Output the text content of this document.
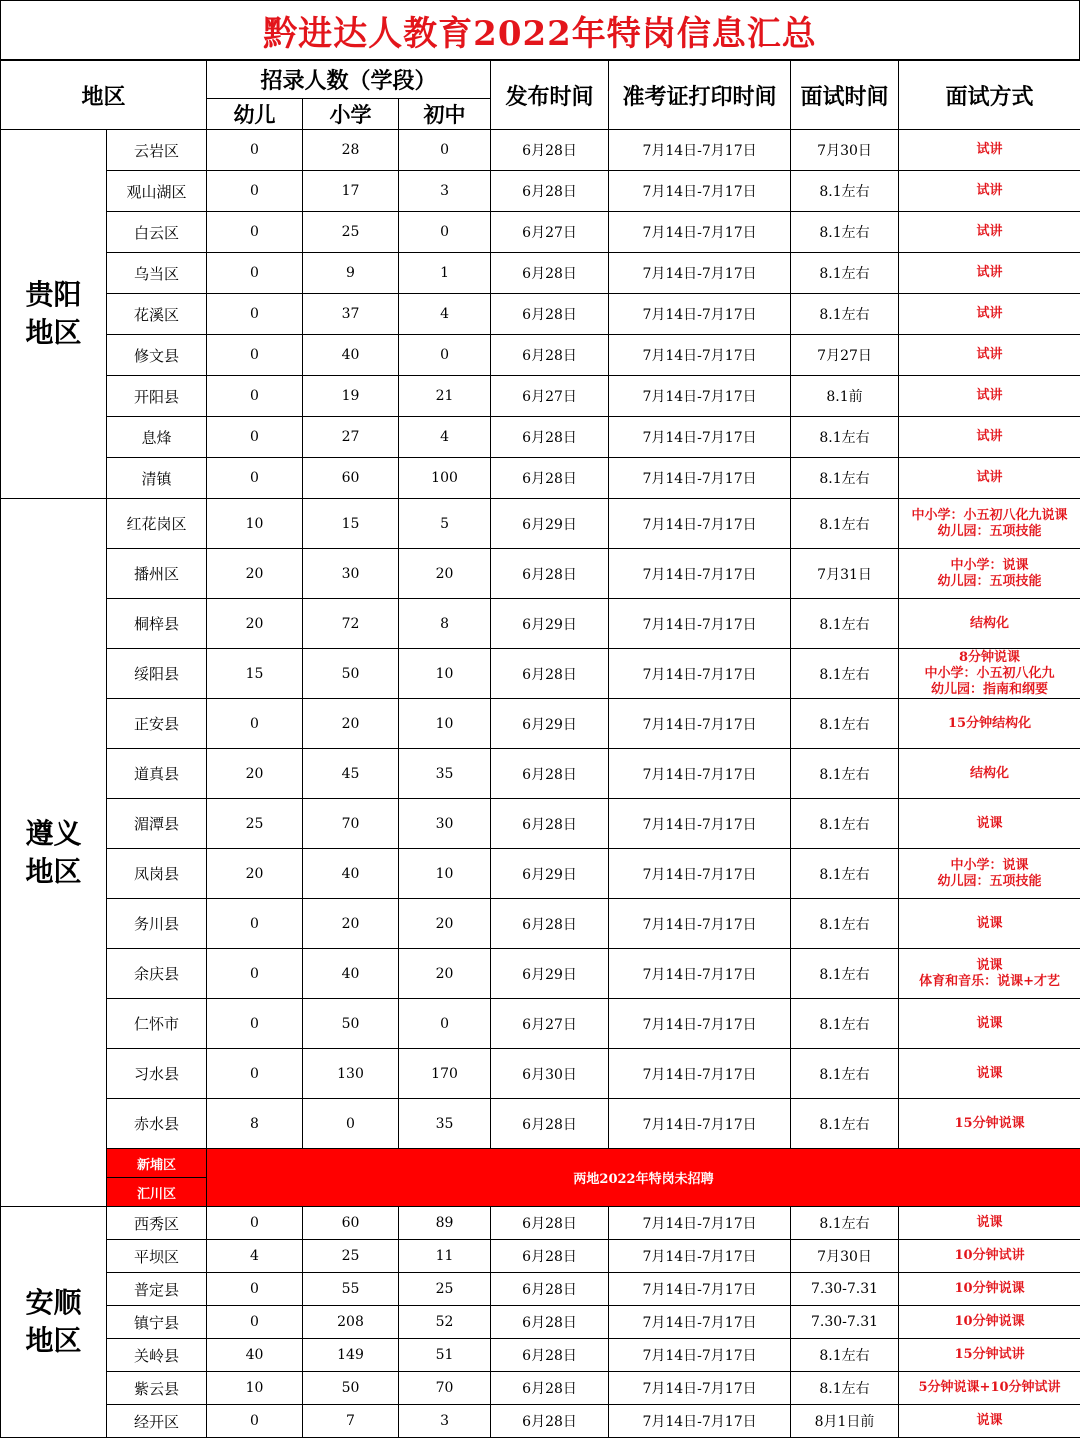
黔进达人教育2022年特岗信息汇总
地区		招录人数（学段）			发布时间	准考证打印时间	面试时间	面试方式
		幼儿	小学	初中				

贵阳
地区	云岩区	0	28	0	6月28日	7月14日-7月17日	7月30日	试讲

	观山湖区	0	17	3	6月28日	7月14日-7月17日	8.1左右	试讲

	白云区	0	25	0	6月27日	7月14日-7月17日	8.1左右	试讲

	乌当区	0	9	1	6月28日	7月14日-7月17日	8.1左右	试讲

	花溪区	0	37	4	6月28日	7月14日-7月17日	8.1左右	试讲

	修文县	0	40	0	6月28日	7月14日-7月17日	7月27日	试讲

	开阳县	0	19	21	6月27日	7月14日-7月17日	8.1前	试讲

	息烽	0	27	4	6月28日	7月14日-7月17日	8.1左右	试讲

	清镇	0	60	100	6月28日	7月14日-7月17日	8.1左右	试讲

遵义
地区	红花岗区	10	15	5	6月29日	7月14日-7月17日	8.1左右	中小学：小五初八化九说课
幼儿园：五项技能

	播州区	20	30	20	6月28日	7月14日-7月17日	7月31日	中小学：说课
幼儿园：五项技能

	桐梓县	20	72	8	6月29日	7月14日-7月17日	8.1左右	结构化

	绥阳县	15	50	10	6月28日	7月14日-7月17日	8.1左右	8分钟说课
中小学：小五初八化九
幼儿园：指南和纲要

	正安县	0	20	10	6月29日	7月14日-7月17日	8.1左右	15分钟结构化

	道真县	20	45	35	6月28日	7月14日-7月17日	8.1左右	结构化

	湄潭县	25	70	30	6月28日	7月14日-7月17日	8.1左右	说课

	凤岗县	20	40	10	6月29日	7月14日-7月17日	8.1左右	中小学：说课
幼儿园：五项技能

	务川县	0	20	20	6月28日	7月14日-7月17日	8.1左右	说课

	余庆县	0	40	20	6月29日	7月14日-7月17日	8.1左右	说课
体育和音乐：说课+才艺

	仁怀市	0	50	0	6月27日	7月14日-7月17日	8.1左右	说课

	习水县	0	130	170	6月30日	7月14日-7月17日	8.1左右	说课

	赤水县	8	0	35	6月28日	7月14日-7月17日	8.1左右	15分钟说课

	新埔区	两地2022年特岗未招聘						

	汇川区							

安顺
地区	西秀区	0	60	89	6月28日	7月14日-7月17日	8.1左右	说课

	平坝区	4	25	11	6月28日	7月14日-7月17日	7月30日	10分钟试讲

	普定县	0	55	25	6月28日	7月14日-7月17日	7.30-7.31	10分钟说课

	镇宁县	0	208	52	6月28日	7月14日-7月17日	7.30-7.31	10分钟说课

	关岭县	40	149	51	6月28日	7月14日-7月17日	8.1左右	15分钟试讲

	紫云县	10	50	70	6月28日	7月14日-7月17日	8.1左右	5分钟说课+10分钟试讲

	经开区	0	7	3	6月28日	7月14日-7月17日	8月1日前	说课
